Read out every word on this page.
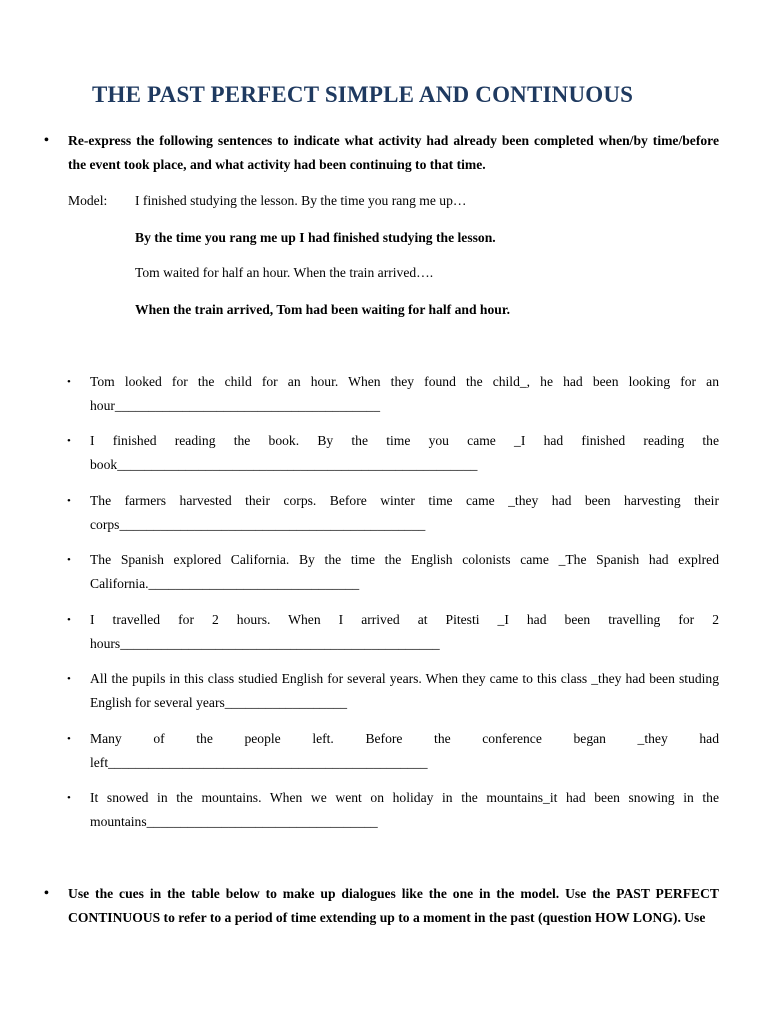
THE PAST PERFECT SIMPLE AND CONTINUOUS
• Re-express the following sentences to indicate what activity had already been completed when/by time/before the event took place, and what activity had been continuing to that time.
Model: I finished studying the lesson. By the time you rang me up…
By the time you rang me up I had finished studying the lesson.
Tom waited for half an hour. When the train arrived….
When the train arrived, Tom had been waiting for half and hour.
• Tom looked for the child for an hour. When they found the child_, he had been looking for an hour_______________________________________
• I finished reading the book. By the time you came _I had finished reading the book_____________________________________________________
• The farmers harvested their corps. Before winter time came _they had been harvesting their corps_____________________________________________
• The Spanish explored California. By the time the English colonists came _The Spanish had explred California._______________________________
• I travelled for 2 hours. When I arrived at Pitesti _I had been travelling for 2 hours_______________________________________________
• All the pupils in this class studied English for several years. When they came to this class _they had been studing English for several years__________________
• Many of the people left. Before the conference began _they had left_______________________________________________
• It snowed in the mountains. When we went on holiday in the mountains_it had been snowing in the mountains__________________________________
• Use the cues in the table below to make up dialogues like the one in the model. Use the PAST PERFECT CONTINUOUS to refer to a period of time extending up to a moment in the past (question HOW LONG). Use
